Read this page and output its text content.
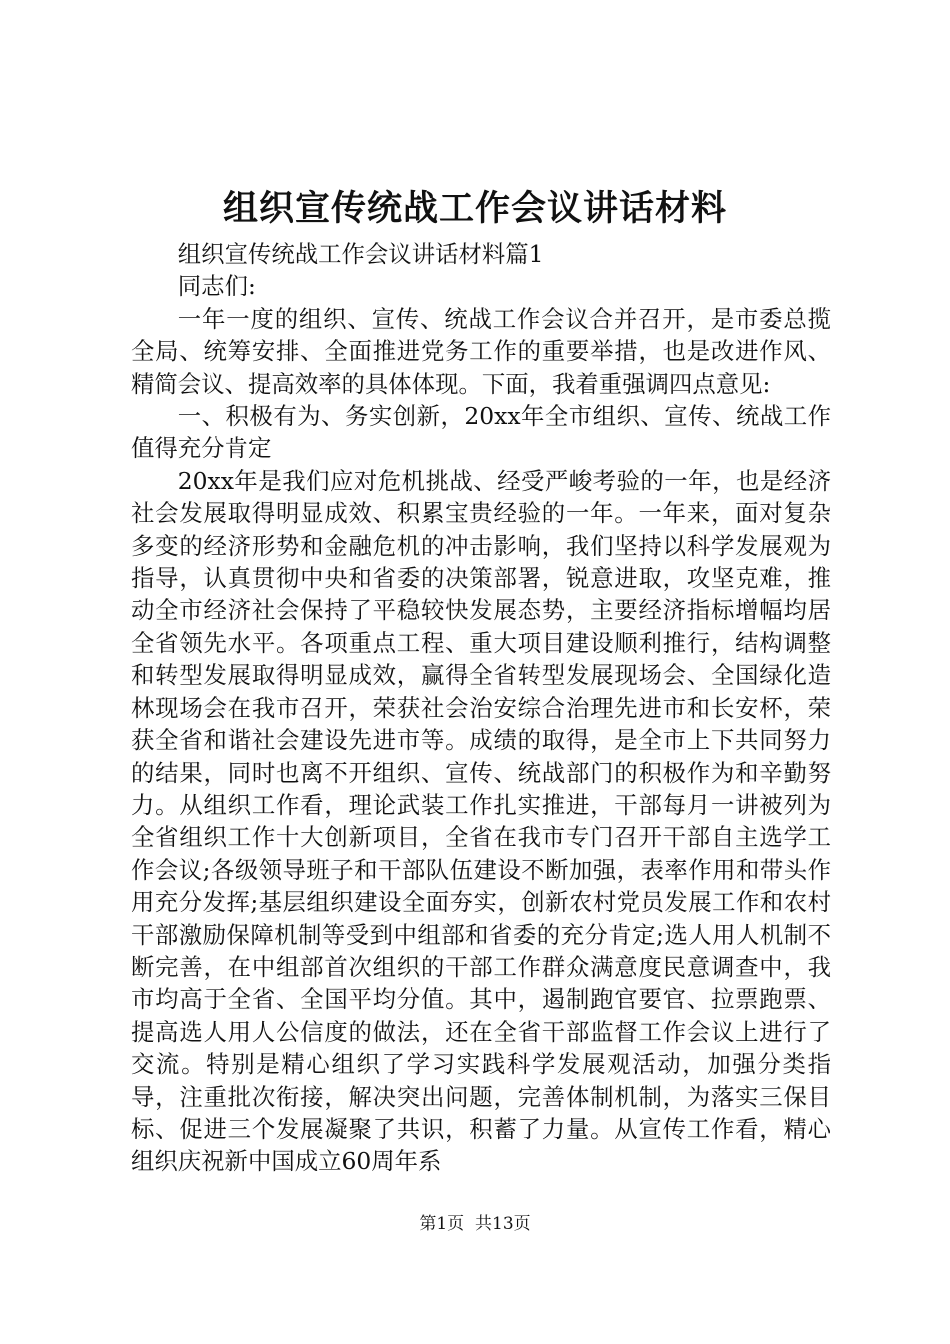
组织宣传统战工作会议讲话材料

组织宣传统战工作会议讲话材料篇1

同志们:

一年一度的组织、宣传、统战工作会议合并召开，是市委总揽全局、统筹安排、全面推进党务工作的重要举措，也是改进作风、精简会议、提高效率的具体体现。下面，我着重强调四点意见:

一、积极有为、务实创新，20xx年全市组织、宣传、统战工作值得充分肯定

20xx年是我们应对危机挑战、经受严峻考验的一年，也是经济社会发展取得明显成效、积累宝贵经验的一年。一年来，面对复杂多变的经济形势和金融危机的冲击影响，我们坚持以科学发展观为指导，认真贯彻中央和省委的决策部署，锐意进取，攻坚克难，推动全市经济社会保持了平稳较快发展态势，主要经济指标增幅均居全省领先水平。各项重点工程、重大项目建设顺利推行，结构调整和转型发展取得明显成效，赢得全省转型发展现场会、全国绿化造林现场会在我市召开，荣获社会治安综合治理先进市和长安杯，荣获全省和谐社会建设先进市等。成绩的取得，是全市上下共同努力的结果，同时也离不开组织、宣传、统战部门的积极作为和辛勤努力。从组织工作看，理论武装工作扎实推进，干部每月一讲被列为全省组织工作十大创新项目，全省在我市专门召开干部自主选学工作会议;各级领导班子和干部队伍建设不断加强，表率作用和带头作用充分发挥;基层组织建设全面夯实，创新农村党员发展工作和农村干部激励保障机制等受到中组部和省委的充分肯定;选人用人机制不断完善，在中组部首次组织的干部工作群众满意度民意调查中，我市均高于全省、全国平均分值。其中，遏制跑官要官、拉票跑票、提高选人用人公信度的做法，还在全省干部监督工作会议上进行了交流。特别是精心组织了学习实践科学发展观活动，加强分类指导，注重批次衔接，解决突出问题，完善体制机制，为落实三保目标、促进三个发展凝聚了共识，积蓄了力量。从宣传工作看，精心组织庆祝新中国成立60周年系

第1页 共13页
